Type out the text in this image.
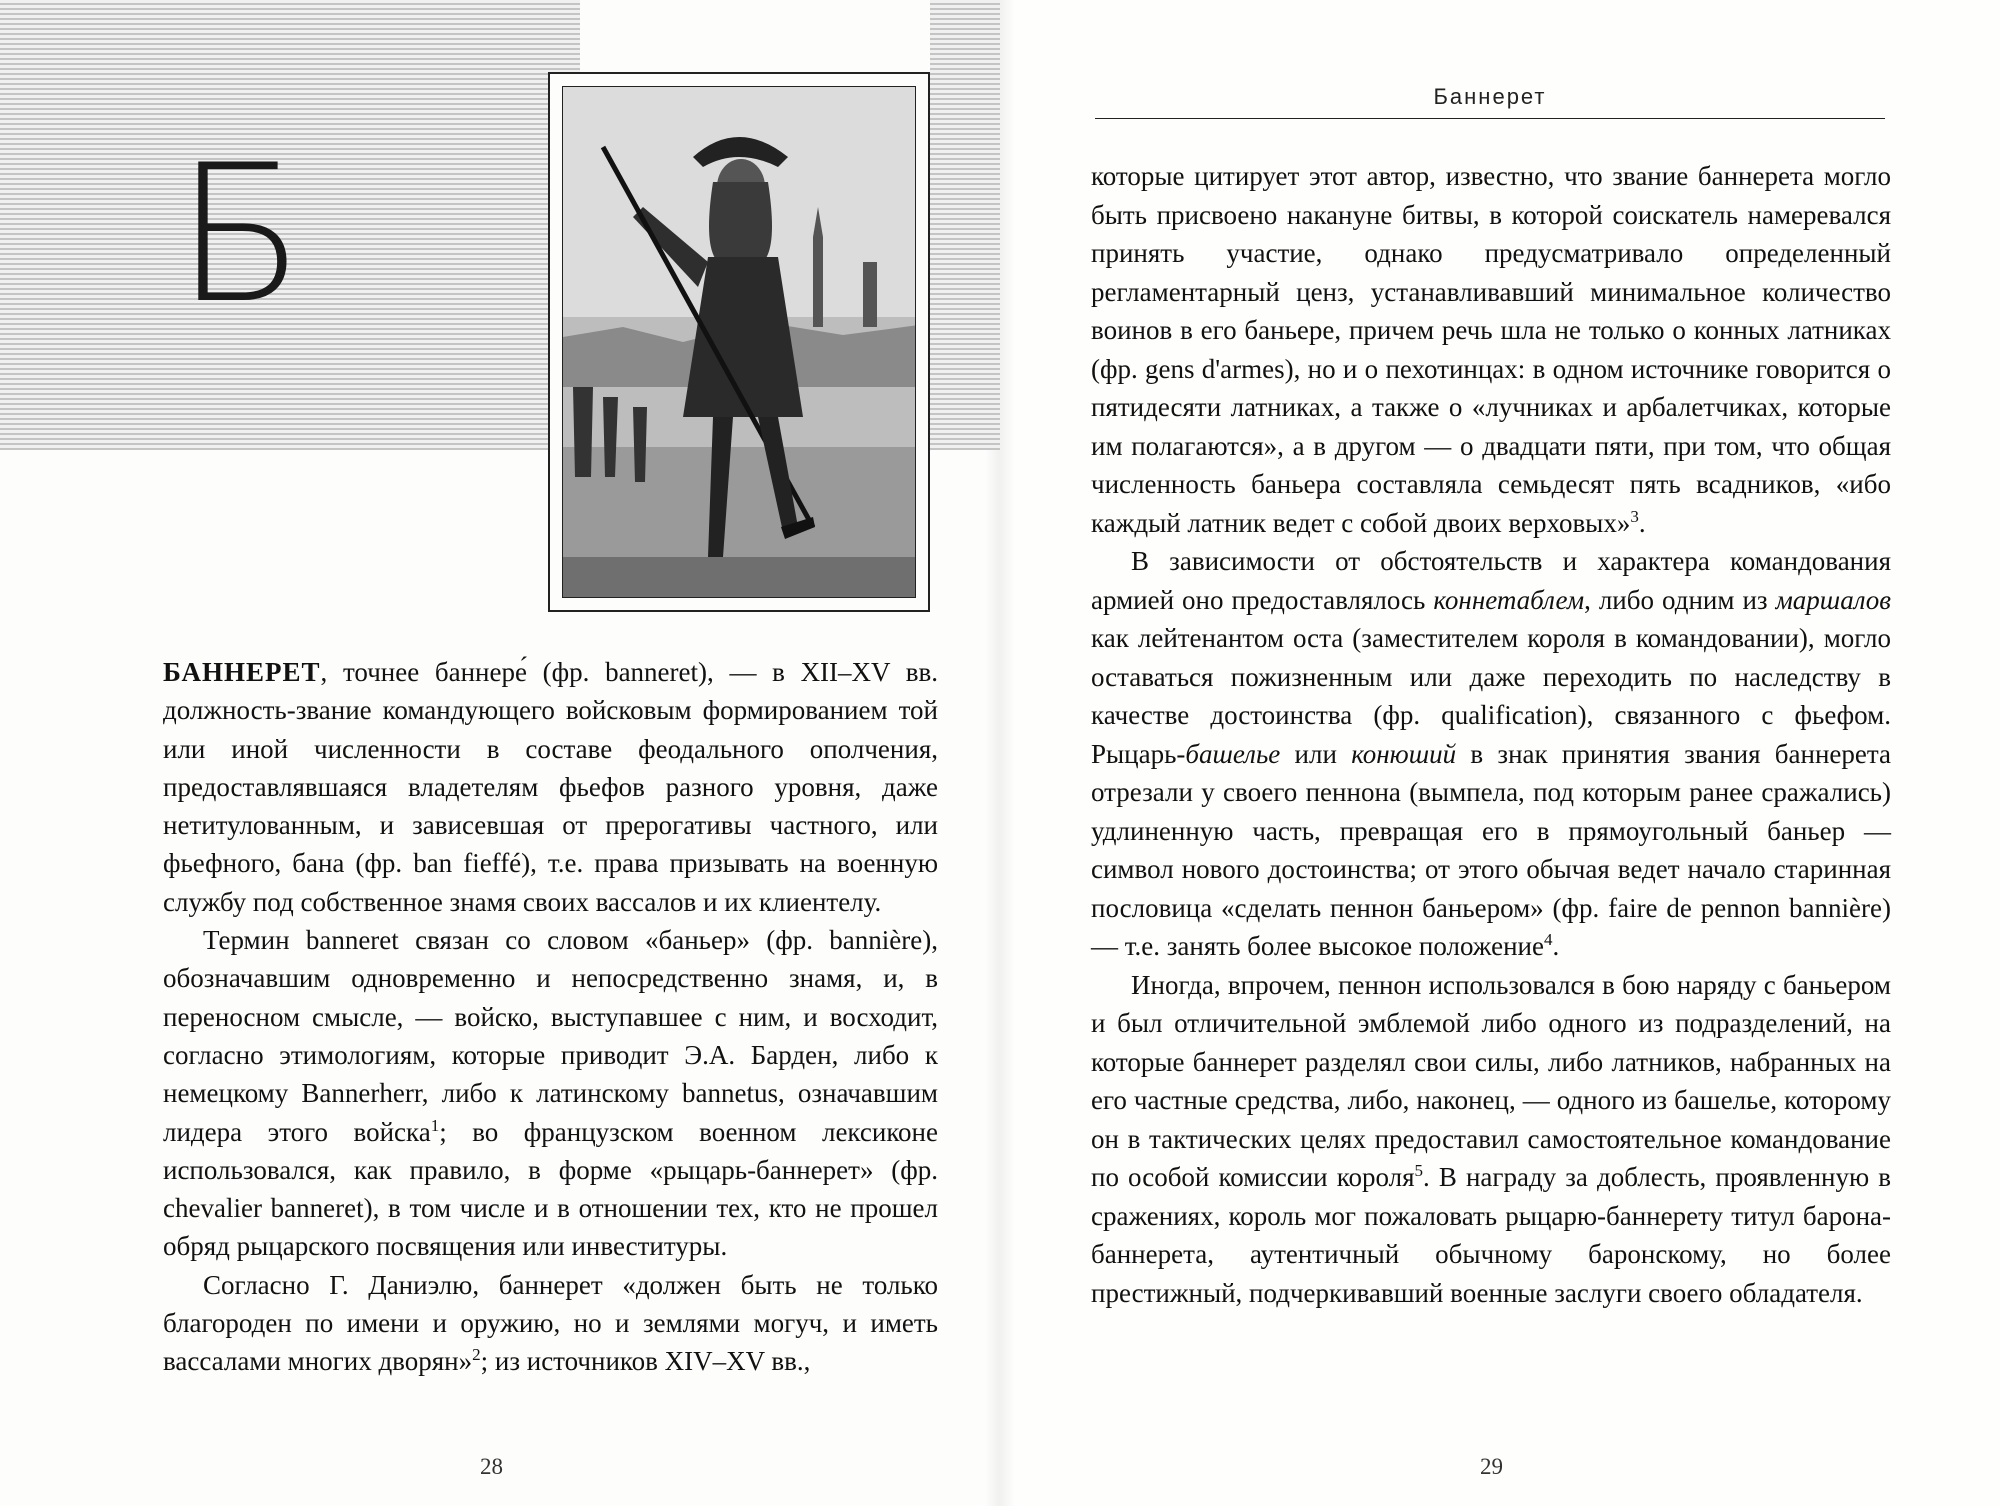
Б

БАННЕРЕТ, точнее баннере́ (фр. banneret), — в XII–XV вв. должность-звание командующего войсковым формированием той или иной численности в составе феодального ополчения, предоставлявшаяся владетелям фьефов разного уровня, даже нетитулованным, и зависевшая от прерогативы частного, или фьефного, бана (фр. ban fieffé), т.е. права призывать на военную службу под собственное знамя своих вассалов и их клиентелу.

Термин banneret связан со словом «баньер» (фр. bannière), обозначавшим одновременно и непосредственно знамя, и, в переносном смысле, — войско, выступавшее с ним, и восходит, согласно этимологиям, которые приводит Э.А. Барден, либо к немецкому Bannerherr, либо к латинскому bannetus, означавшим лидера этого войска$^1$; во французском военном лексиконе использовался, как правило, в форме «рыцарь-баннерет» (фр. chevalier banneret), в том числе и в отношении тех, кто не прошел обряд рыцарского посвящения или инвеституры.

Согласно Г. Даниэлю, баннерет «должен быть не только благороден по имени и оружию, но и землями могуч, и иметь вассалами многих дворян»$^2$; из источников XIV–XV вв.,

Баннерет

которые цитирует этот автор, известно, что звание баннерета могло быть присвоено накануне битвы, в которой соискатель намеревался принять участие, однако предусматривало определенный регламентарный ценз, устанавливавший минимальное количество воинов в его баньере, причем речь шла не только о конных латниках (фр. gens d'armes), но и о пехотинцах: в одном источнике говорится о пятидесяти латниках, а также о «лучниках и арбалетчиках, которые им полагаются», а в другом — о двадцати пяти, при том, что общая численность баньера составляла семьдесят пять всадников, «ибо каждый латник ведет с собой двоих верховых»$^3$.

В зависимости от обстоятельств и характера командования армией оно предоставлялось коннетаблем, либо одним из маршалов как лейтенантом оста (заместителем короля в командовании), могло оставаться пожизненным или даже переходить по наследству в качестве достоинства (фр. qualification), связанного с фьефом. Рыцарь-башелье или конюший в знак принятия звания баннерета отрезали у своего пеннона (вымпела, под которым ранее сражались) удлиненную часть, превращая его в прямоугольный баньер — символ нового достоинства; от этого обычая ведет начало старинная пословица «сделать пеннон баньером» (фр. faire de pennon bannière) — т.е. занять более высокое положение$^4$.

Иногда, впрочем, пеннон использовался в бою наряду с баньером и был отличительной эмблемой либо одного из подразделений, на которые баннерет разделял свои силы, либо латников, набранных на его частные средства, либо, наконец, — одного из башелье, которому он в тактических целях предоставил самостоятельное командование по особой комиссии короля$^5$. В награду за доблесть, проявленную в сражениях, король мог пожаловать рыцарю-баннерету титул барона-баннерета, аутентичный обычному баронскому, но более престижный, подчеркивавший военные заслуги своего обладателя.

28	29
